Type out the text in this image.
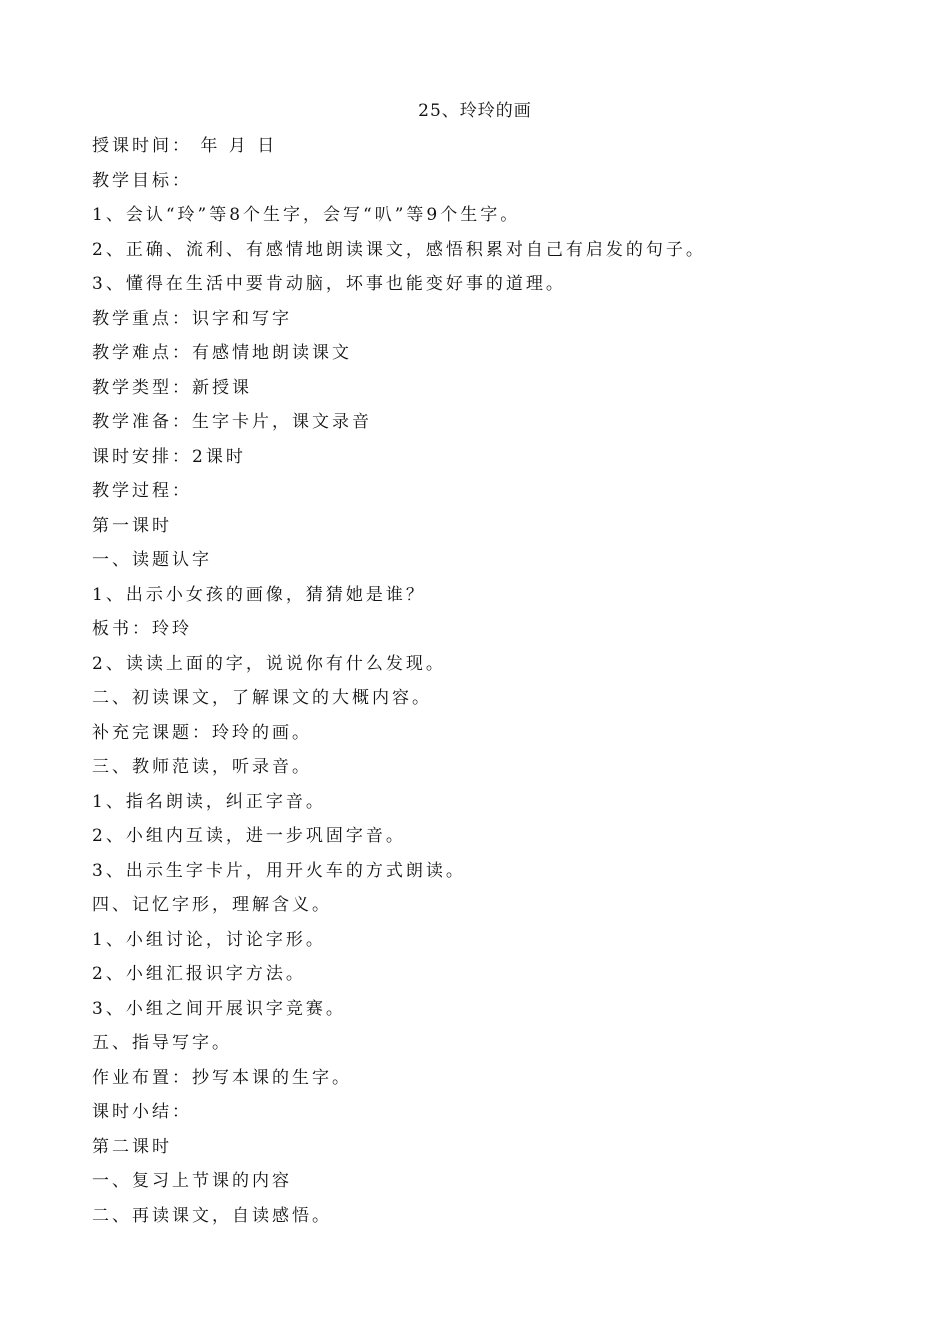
25、玲玲的画
授课时间： 年 月 日
教学目标：
1、会认“玲”等8个生字，会写“叭”等9个生字。
2、正确、流利、有感情地朗读课文，感悟积累对自己有启发的句子。
3、懂得在生活中要肯动脑，坏事也能变好事的道理。
教学重点：识字和写字
教学难点：有感情地朗读课文
教学类型：新授课
教学准备：生字卡片，课文录音
课时安排：2课时
教学过程：
第一课时
一、读题认字
1、出示小女孩的画像，猜猜她是谁？
板书：玲玲
2、读读上面的字，说说你有什么发现。
二、初读课文，了解课文的大概内容。
补充完课题：玲玲的画。
三、教师范读，听录音。
1、指名朗读，纠正字音。
2、小组内互读，进一步巩固字音。
3、出示生字卡片，用开火车的方式朗读。
四、记忆字形，理解含义。
1、小组讨论，讨论字形。
2、小组汇报识字方法。
3、小组之间开展识字竞赛。
五、指导写字。
作业布置：抄写本课的生字。
课时小结：
第二课时
一、复习上节课的内容
二、再读课文，自读感悟。
